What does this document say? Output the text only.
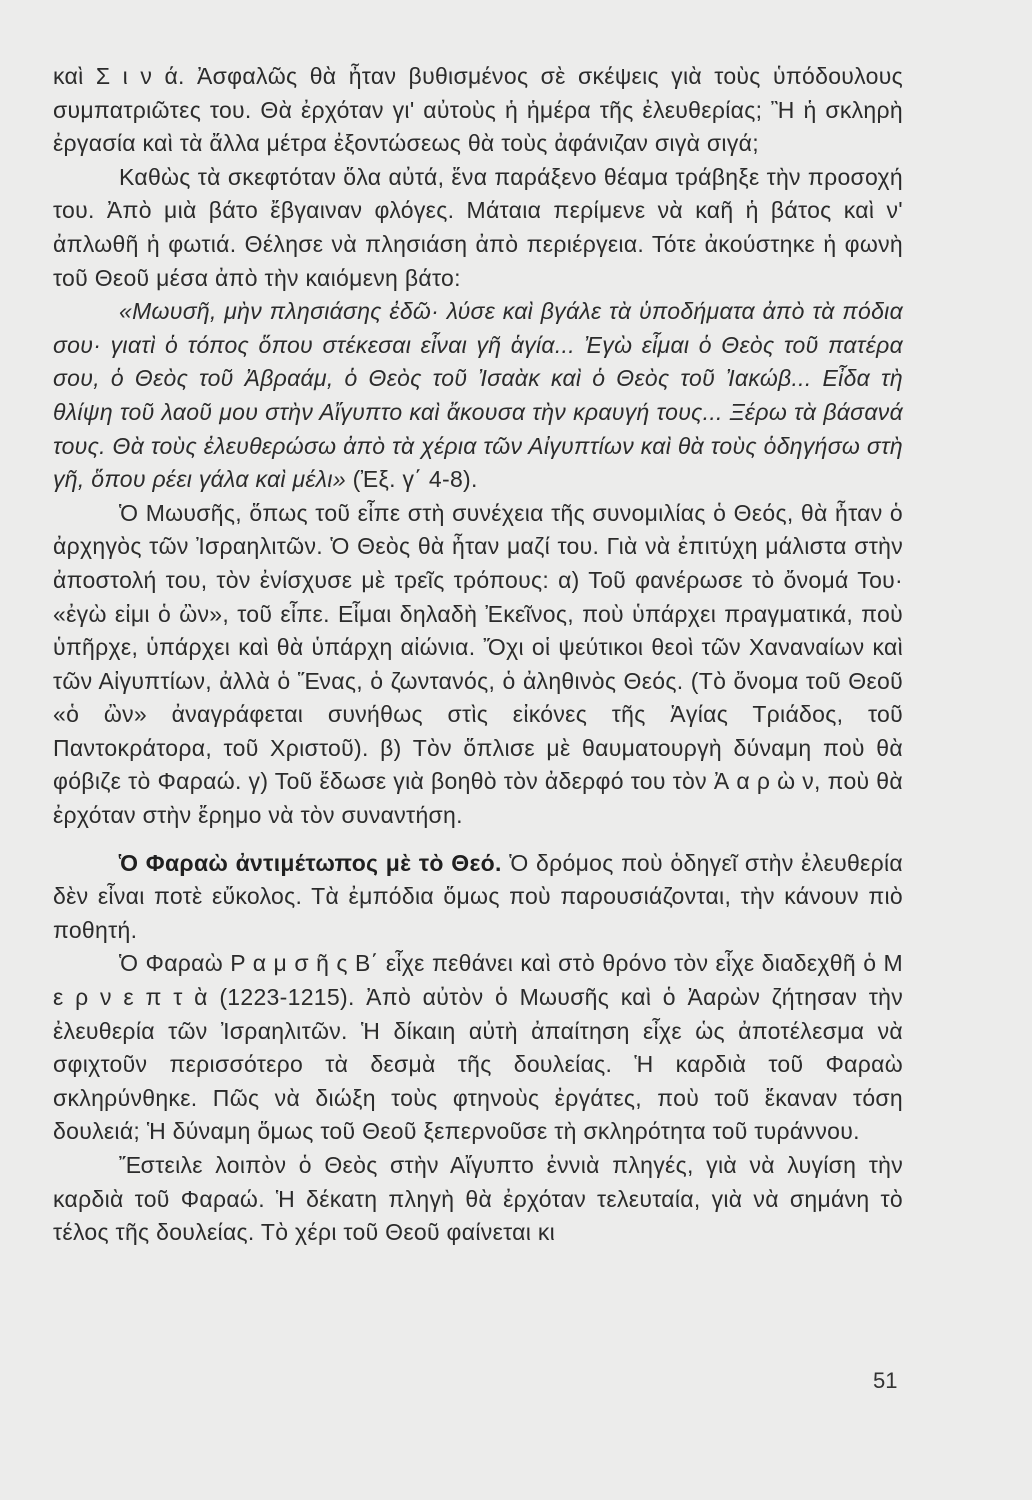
καὶ Σ ι ν ά. Ἀσφαλῶς θὰ ἦταν βυθισμένος σὲ σκέψεις γιὰ τοὺς ὑπόδουλους συμπατριῶτες του. Θὰ ἐρχόταν γι' αὐτοὺς ἡ ἡμέρα τῆς ἐλευθερίας; Ἢ ἡ σκληρὴ ἐργασία καὶ τὰ ἄλλα μέτρα ἐξοντώσεως θὰ τοὺς ἀφάνιζαν σιγὰ σιγά;

Καθὼς τὰ σκεφτόταν ὅλα αὐτά, ἕνα παράξενο θέαμα τράβηξε τὴν προσοχή του. Ἀπὸ μιὰ βάτο ἔβγαιναν φλόγες. Μάταια περίμενε νὰ καῆ ἡ βάτος καὶ ν' ἀπλωθῆ ἡ φωτιά. Θέλησε νὰ πλησιάση ἀπὸ περιέργεια. Τότε ἀκούστηκε ἡ φωνὴ τοῦ Θεοῦ μέσα ἀπὸ τὴν καιόμενη βάτο:

«Μωυσῆ, μὴν πλησιάσης ἐδῶ· λύσε καὶ βγάλε τὰ ὑποδήματα ἀπὸ τὰ πόδια σου· γιατὶ ὁ τόπος ὅπου στέκεσαι εἶναι γῆ ἁγία... Ἐγὼ εἶμαι ὁ Θεὸς τοῦ πατέρα σου, ὁ Θεὸς τοῦ Ἀβραάμ, ὁ Θεὸς τοῦ Ἰσαὰκ καὶ ὁ Θεὸς τοῦ Ἰακώβ... Εἶδα τὴ θλίψη τοῦ λαοῦ μου στὴν Αἴγυπτο καὶ ἄκουσα τὴν κραυγή τους... Ξέρω τὰ βάσανά τους. Θὰ τοὺς ἐλευθερώσω ἀπὸ τὰ χέρια τῶν Αἰγυπτίων καὶ θὰ τοὺς ὁδηγήσω στὴ γῆ, ὅπου ρέει γάλα καὶ μέλι» (Ἐξ. γ΄ 4-8).

Ὁ Μωυσῆς, ὅπως τοῦ εἶπε στὴ συνέχεια τῆς συνομιλίας ὁ Θεός, θὰ ἦταν ὁ ἀρχηγὸς τῶν Ἰσραηλιτῶν. Ὁ Θεὸς θὰ ἦταν μαζί του. Γιὰ νὰ ἐπιτύχη μάλιστα στὴν ἀποστολή του, τὸν ἐνίσχυσε μὲ τρεῖς τρόπους: α) Τοῦ φανέρωσε τὸ ὄνομά Του· «ἐγὼ εἰμι ὁ ὢν», τοῦ εἶπε. Εἶμαι δηλαδὴ Ἐκεῖνος, ποὺ ὑπάρχει πραγματικά, ποὺ ὑπῆρχε, ὑπάρχει καὶ θὰ ὑπάρχη αἰώνια. Ὄχι οἱ ψεύτικοι θεοὶ τῶν Χαναναίων καὶ τῶν Αἰγυπτίων, ἀλλὰ ὁ Ἕνας, ὁ ζωντανός, ὁ ἀληθινὸς Θεός. (Τὸ ὄνομα τοῦ Θεοῦ «ὁ ὢν» ἀναγράφεται συνήθως στὶς εἰκόνες τῆς Ἁγίας Τριάδος, τοῦ Παντοκράτορα, τοῦ Χριστοῦ). β) Τὸν ὅπλισε μὲ θαυματουργὴ δύναμη ποὺ θὰ φόβιζε τὸ Φαραώ. γ) Τοῦ ἔδωσε γιὰ βοηθὸ τὸν ἀδερφό του τὸν Ἀ α ρ ὼ ν, ποὺ θὰ ἐρχόταν στὴν ἔρημο νὰ τὸν συναντήση.

Ὁ Φαραὼ ἀντιμέτωπος μὲ τὸ Θεό. Ὁ δρόμος ποὺ ὁδηγεῖ στὴν ἐλευθερία δὲν εἶναι ποτὲ εὔκολος. Τὰ ἐμπόδια ὅμως ποὺ παρουσιάζονται, τὴν κάνουν πιὸ ποθητή.

Ὁ Φαραὼ Ρ α μ σ ῆ ς Β΄ εἶχε πεθάνει καὶ στὸ θρόνο τὸν εἶχε διαδεχθῆ ὁ Μ ε ρ ν ε π τ ὰ (1223-1215). Ἀπὸ αὐτὸν ὁ Μωυσῆς καὶ ὁ Ἀαρὼν ζήτησαν τὴν ἐλευθερία τῶν Ἰσραηλιτῶν. Ἡ δίκαιη αὐτὴ ἀπαίτηση εἶχε ὡς ἀποτέλεσμα νὰ σφιχτοῦν περισσότερο τὰ δεσμὰ τῆς δουλείας. Ἡ καρδιὰ τοῦ Φαραὼ σκληρύνθηκε. Πῶς νὰ διώξη τοὺς φτηνοὺς ἐργάτες, ποὺ τοῦ ἔκαναν τόση δουλειά; Ἡ δύναμη ὅμως τοῦ Θεοῦ ξεπερνοῦσε τὴ σκληρότητα τοῦ τυράννου.

Ἔστειλε λοιπὸν ὁ Θεὸς στὴν Αἴγυπτο ἐννιὰ πληγές, γιὰ νὰ λυγίση τὴν καρδιὰ τοῦ Φαραώ. Ἡ δέκατη πληγὴ θὰ ἐρχόταν τελευταία, γιὰ νὰ σημάνη τὸ τέλος τῆς δουλείας. Τὸ χέρι τοῦ Θεοῦ φαίνεται κι

51
